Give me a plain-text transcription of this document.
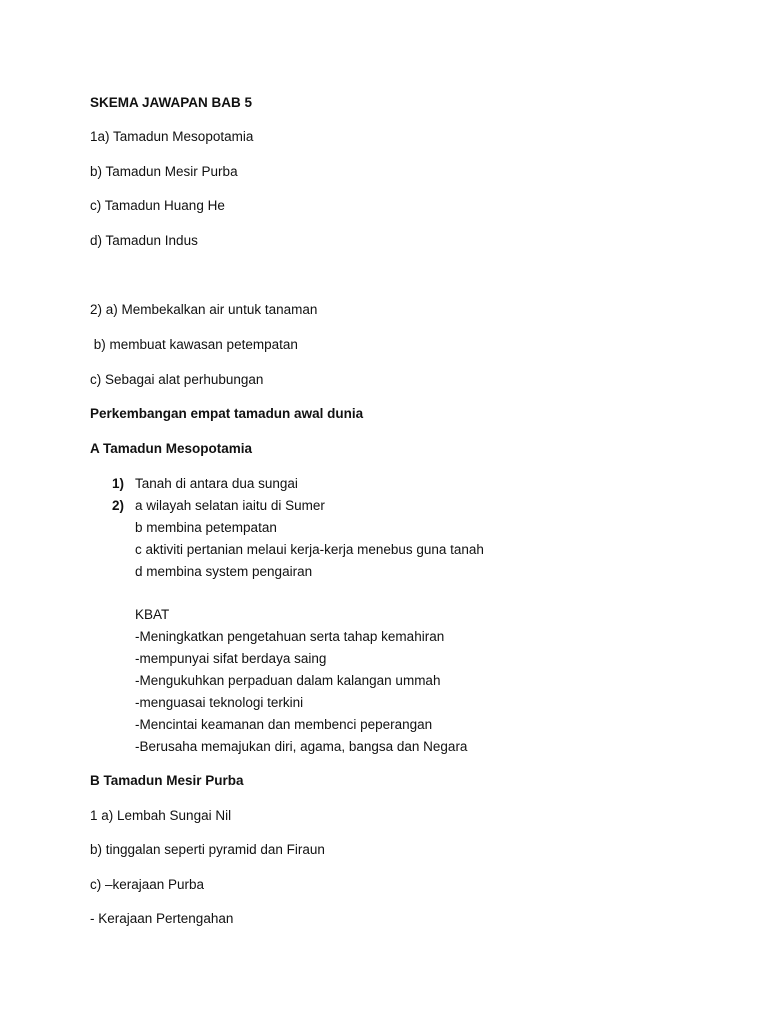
SKEMA JAWAPAN BAB 5
1a) Tamadun Mesopotamia
b) Tamadun Mesir Purba
c) Tamadun Huang He
d) Tamadun Indus
2) a) Membekalkan air untuk tanaman
b) membuat kawasan petempatan
c) Sebagai alat perhubungan
Perkembangan empat tamadun awal dunia
A Tamadun Mesopotamia
1) Tanah di antara dua sungai
2) a wilayah selatan iaitu di Sumer
b membina petempatan
c aktiviti pertanian melaui kerja-kerja menebus guna tanah
d membina system pengairan
KBAT
-Meningkatkan pengetahuan serta tahap kemahiran
-mempunyai sifat berdaya saing
-Mengukuhkan perpaduan dalam kalangan ummah
-menguasai teknologi terkini
-Mencintai keamanan dan membenci peperangan
-Berusaha memajukan diri, agama, bangsa dan Negara
B Tamadun Mesir Purba
1 a) Lembah Sungai Nil
b) tinggalan seperti pyramid dan Firaun
c) –kerajaan Purba
- Kerajaan Pertengahan
